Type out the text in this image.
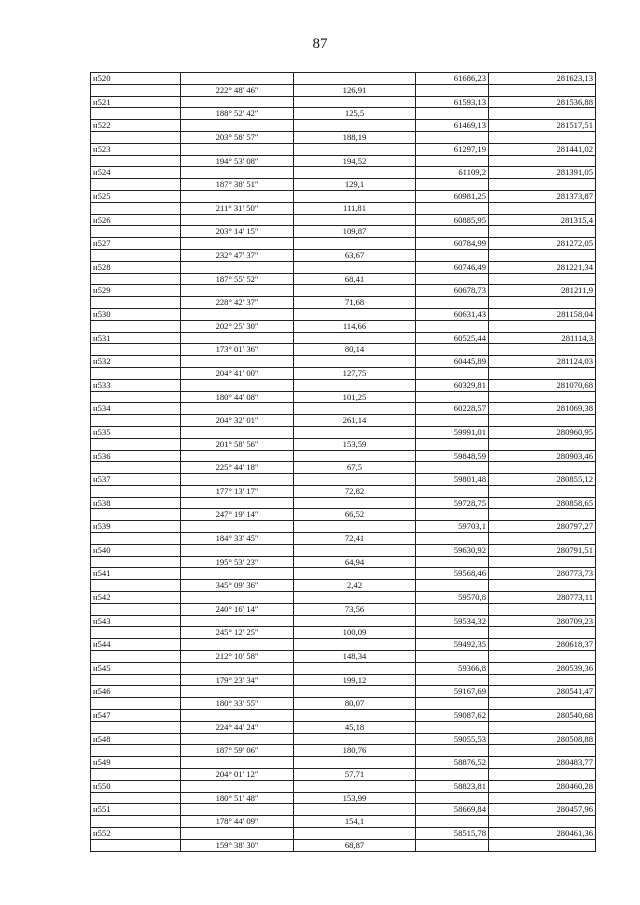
87
н520			61686,23	281623,13
	222° 48' 46"	126,91		
н521			61593,13	281536,88
	188° 52' 42"	125,5		
н522			61469,13	281517,51
	203° 58' 57"	188,19		
н523			61297,19	281441,02
	194° 53' 08"	194,52		
н524			61109,2	281391,05
	187° 38' 51"	129,1		
н525			60981,25	281373,87
	211° 31' 50"	111,81		
н526			60885,95	281315,4
	203° 14' 15"	109,87		
н527			60784,99	281272,05
	232° 47' 37"	63,67		
н528			60746,49	281221,34
	187° 55' 52"	68,41		
н529			60678,73	281211,9
	228° 42' 37"	71,68		
н530			60631,43	281158,04
	202° 25' 30"	114,66		
н531			60525,44	281114,3
	173° 01' 36"	80,14		
н532			60445,89	281124,03
	204° 41' 00"	127,75		
н533			60329,81	281070,68
	180° 44' 08"	101,25		
н534			60228,57	281069,38
	204° 32' 01"	261,14		
н535			59991,01	280960,95
	201° 58' 56"	153,59		
н536			59848,59	280903,46
	225° 44' 18"	67,5		
н537			59801,48	280855,12
	177° 13' 17"	72,82		
н538			59728,75	280858,65
	247° 19' 14"	66,52		
н539			59703,1	280797,27
	184° 33' 45"	72,41		
н540			59630,92	280791,51
	195° 53' 23"	64,94		
н541			59568,46	280773,73
	345° 09' 36"	2,42		
н542			59570,8	280773,11
	240° 16' 14"	73,56		
н543			59534,32	280709,23
	245° 12' 25"	100,09		
н544			59492,35	280618,37
	212° 10' 58"	148,34		
н545			59366,8	280539,36
	179° 23' 34"	199,12		
н546			59167,69	280541,47
	180° 33' 55"	80,07		
н547			59087,62	280540,68
	224° 44' 24"	45,18		
н548			59055,53	280508,88
	187° 59' 06"	180,76		
н549			58876,52	280483,77
	204° 01' 12"	57,71		
н550			58823,81	280460,28
	180° 51' 48"	153,99		
н551			58669,84	280457,96
	178° 44' 09"	154,1		
н552			58515,78	280461,36
	159° 38' 30"	68,87		
